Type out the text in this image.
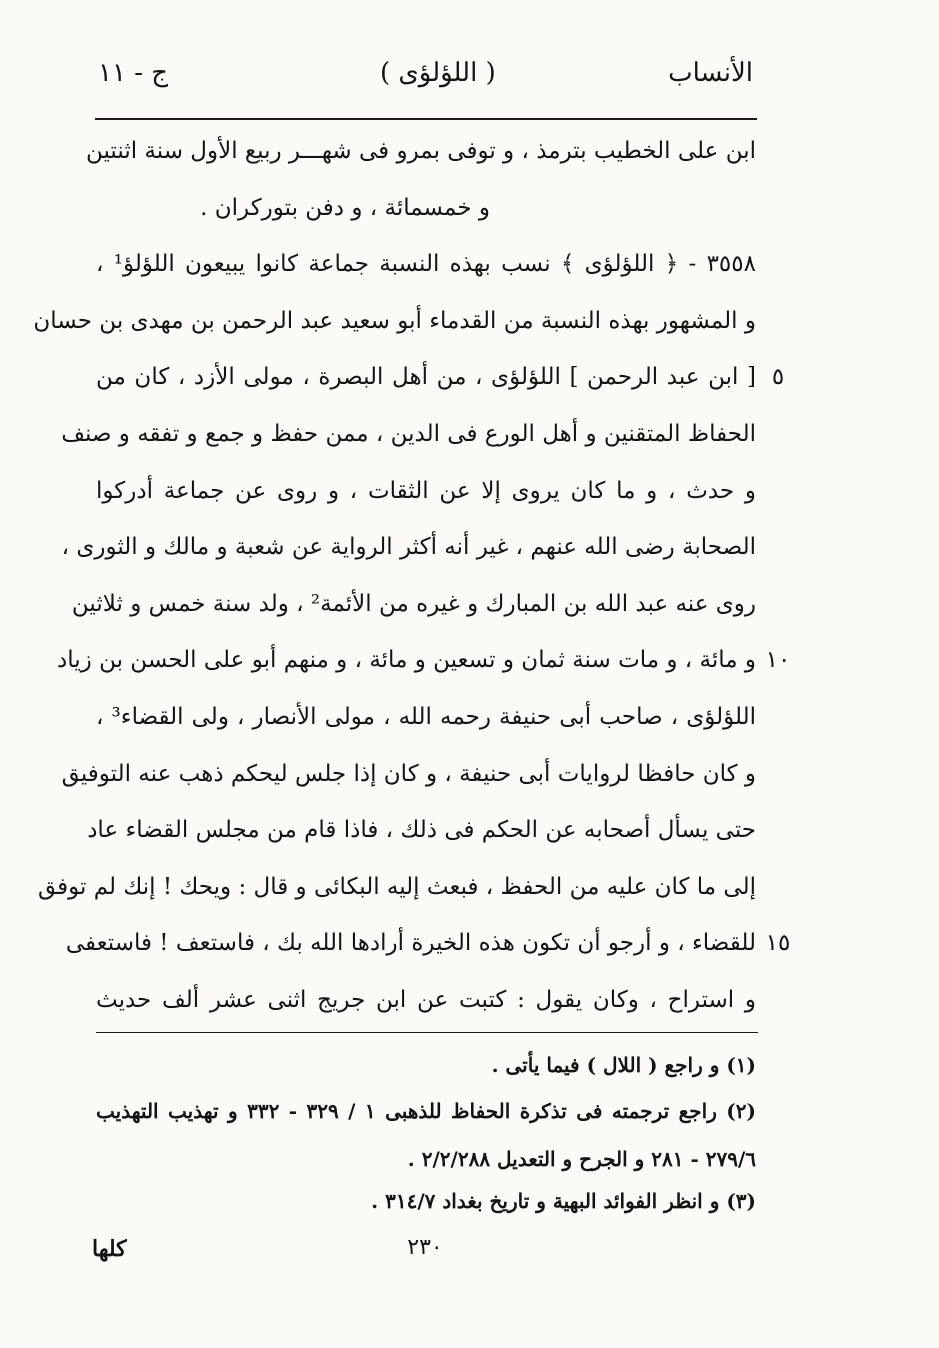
الأنساب
( اللؤلؤى )
ج - ١١
ابن على الخطيب بترمذ ، و توفى بمرو فى شهـــر ربيع الأول سنة اثنتين
و خمسمائة ، و دفن بتوركران .
٣٥٥٨ - ﴿ اللؤلؤى ﴾ نسب بهذه النسبة جماعة كانوا يبيعون اللؤلؤ¹ ،
و المشهور بهذه النسبة من القدماء أبو سعيد عبد الرحمن بن مهدى بن حسان
[ ابن عبد الرحمن ] اللؤلؤى ، من أهل البصرة ، مولى الأزد ، كان من ٥
الحفاظ المتقنين و أهل الورع فى الدين ، ممن حفظ و جمع و تفقه و صنف
و حدث ، و ما كان يروى إلا عن الثقات ، و روى عن جماعة أدركوا
الصحابة رضى الله عنهم ، غير أنه أكثر الرواية عن شعبة و مالك و الثورى ،
روى عنه عبد الله بن المبارك و غيره من الأئمة² ، ولد سنة خمس و ثلاثين
و مائة ، و مات سنة ثمان و تسعين و مائة ، و منهم أبو على الحسن بن زياد ١٠
اللؤلؤى ، صاحب أبى حنيفة رحمه الله ، مولى الأنصار ، ولى القضاء³ ،
و كان حافظا لروايات أبى حنيفة ، و كان إذا جلس ليحكم ذهب عنه التوفيق
حتى يسأل أصحابه عن الحكم فى ذلك ، فاذا قام من مجلس القضاء عاد
إلى ما كان عليه من الحفظ ، فبعث إليه البكائى و قال : ويحك ! إنك لم توفق
للقضاء ، و أرجو أن تكون هذه الخيرة أرادها الله بك ، فاستعف ! فاستعفى ١٥
و استراح ، وكان يقول : كتبت عن ابن جريج اثنى عشر ألف حديث
(١) و راجع ( اللال ) فيما يأتى .
(٢) راجع ترجمته فى تذكرة الحفاظ للذهبى ١ / ٣٢٩ - ٣٣٢ و تهذيب التهذيب
٢٧٩/٦ - ٢٨١ و الجرح و التعديل ٢/٢/٢٨٨ .
(٣) و انظر الفوائد البهية و تاريخ بغداد ٣١٤/٧ .
٢٣٠
كلها
